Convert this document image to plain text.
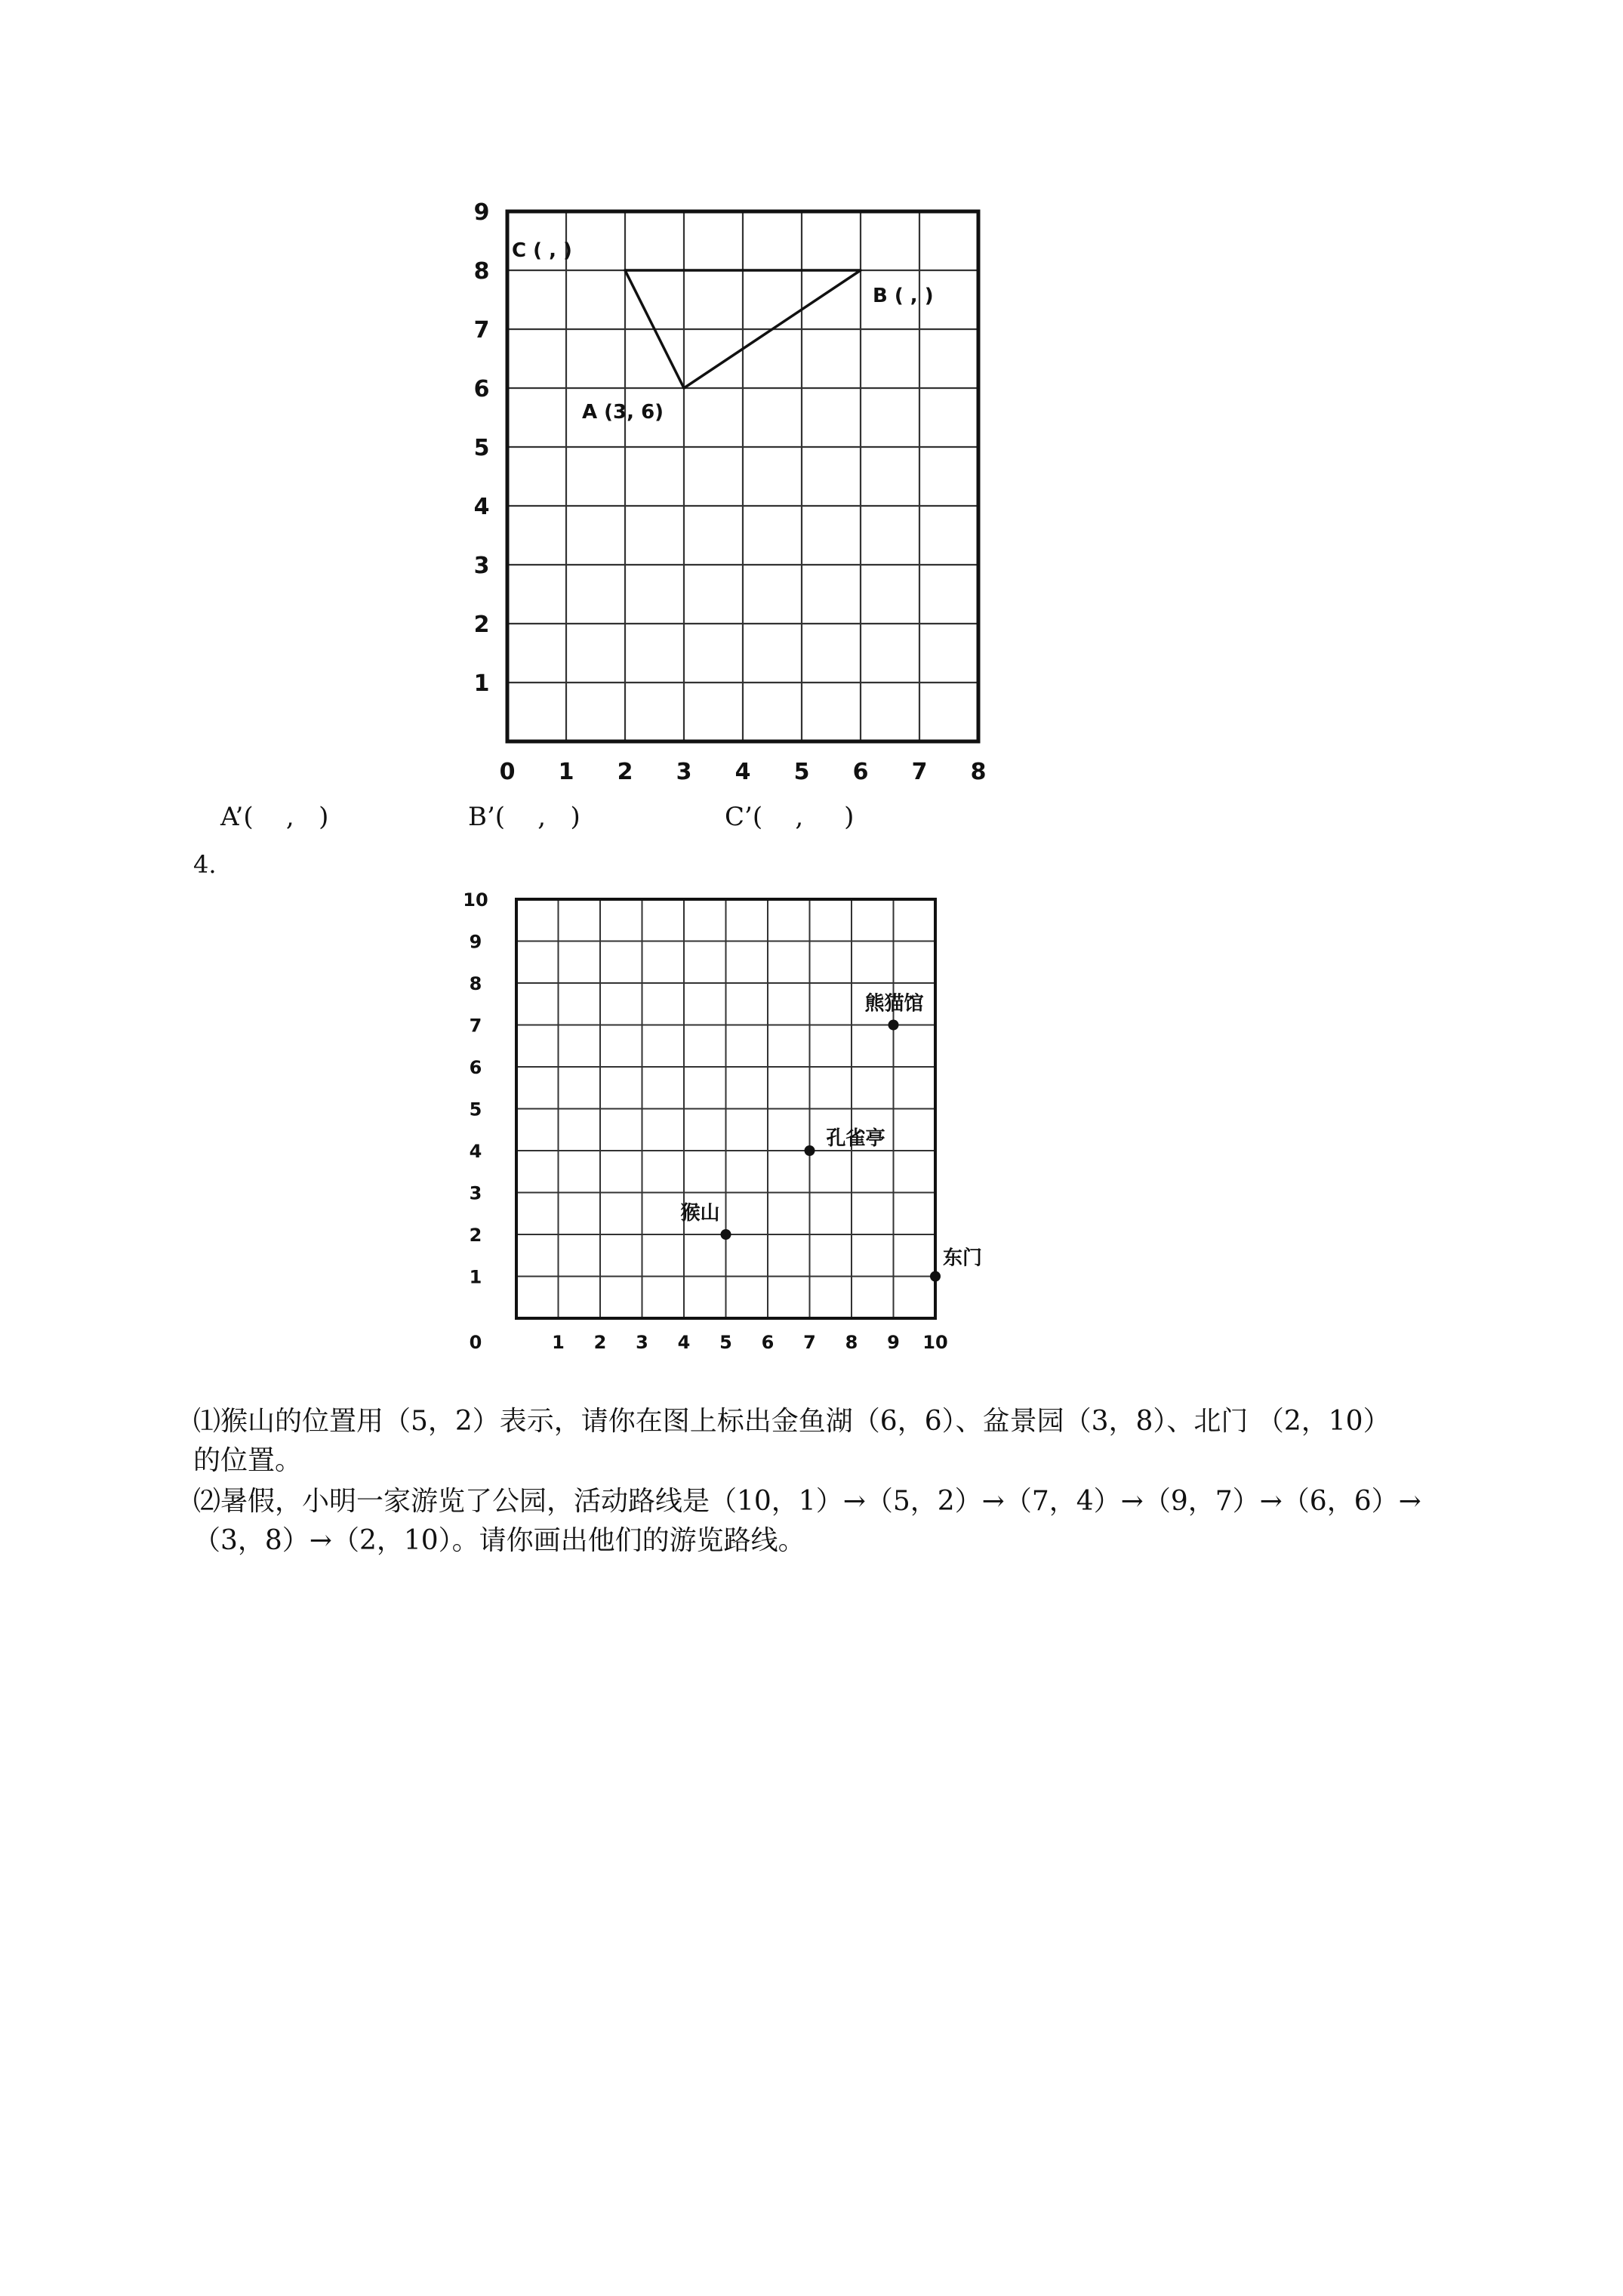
0 1 2 3 4 5 6 7 8
1
2
3
4
5
6
7
8
9
A (3, 6)
B ( , )
C ( , )

A’(    ,   )

	B’(    ,   )

	C’(    ,     )

4.
0	1 2 3 4 5 6 7 8 9 10
1
2
3
4
5
6
7
8
9
10
熊猫馆
孔雀亭
猴山
东门
⑴猴山的位置用（5，2）表示，请你在图上标出金鱼湖（6，6）、盆景园（3，8）、北门 （2，10）
的位置。
⑵暑假，小明一家游览了公园，活动路线是（10，1）→（5，2）→（7，4）→（9，7）→（6，6）→
（3，8）→（2，10）。请你画出他们的游览路线。
